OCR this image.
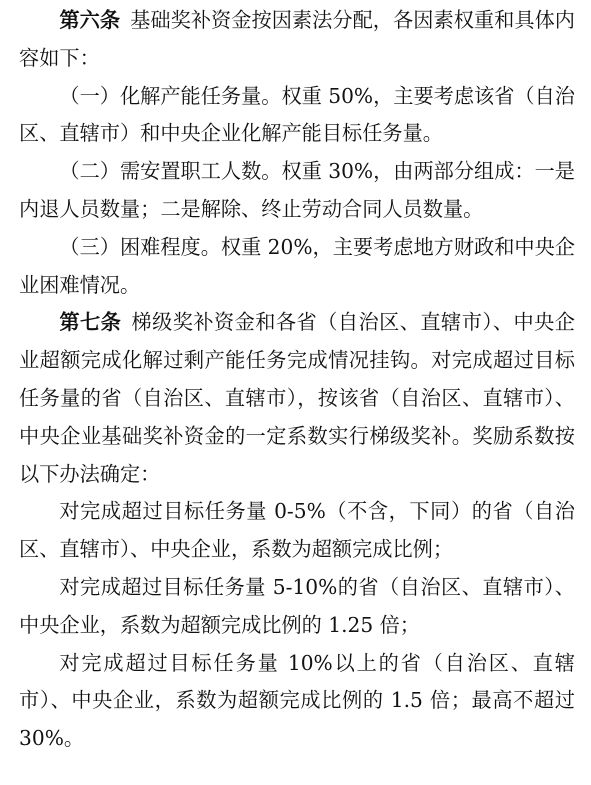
第六条 基础奖补资金按因素法分配，各因素权重和具体内容如下：

（一）化解产能任务量。权重 50%，主要考虑该省（自治区、直辖市）和中央企业化解产能目标任务量。

（二）需安置职工人数。权重 30%，由两部分组成：一是内退人员数量；二是解除、终止劳动合同人员数量。

（三）困难程度。权重 20%，主要考虑地方财政和中央企业困难情况。

第七条 梯级奖补资金和各省（自治区、直辖市）、中央企业超额完成化解过剩产能任务完成情况挂钩。对完成超过目标任务量的省（自治区、直辖市），按该省（自治区、直辖市）、中央企业基础奖补资金的一定系数实行梯级奖补。奖励系数按以下办法确定：

对完成超过目标任务量 0-5%（不含，下同）的省（自治区、直辖市）、中央企业，系数为超额完成比例；

对完成超过目标任务量 5-10%的省（自治区、直辖市）、中央企业，系数为超额完成比例的 1.25 倍；

对完成超过目标任务量 10%以上的省（自治区、直辖市）、中央企业，系数为超额完成比例的 1.5 倍；最高不超过 30%。
